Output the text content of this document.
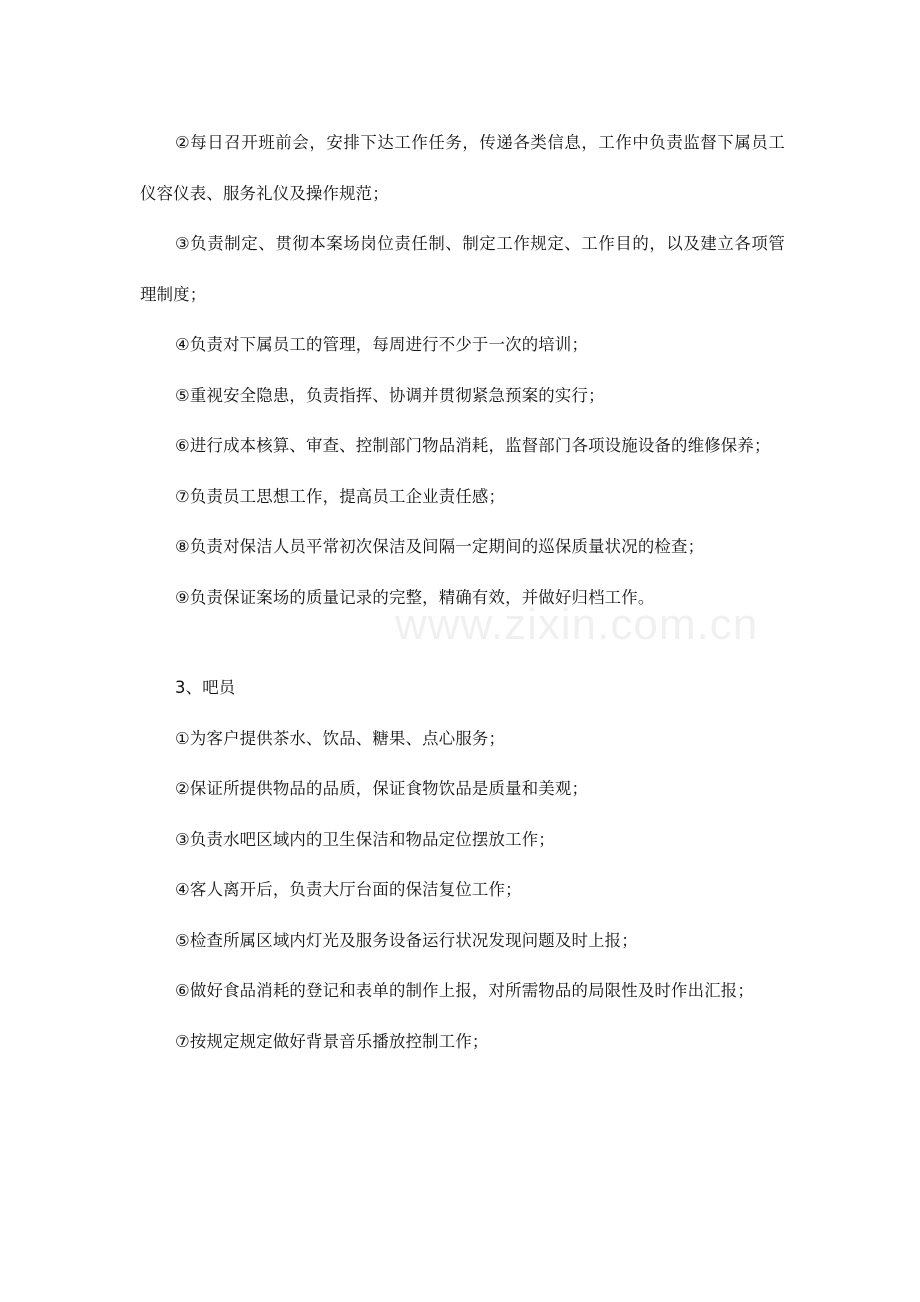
www.zixin.com.cn

②每日召开班前会，安排下达工作任务，传递各类信息，工作中负责监督下属员工仪容仪表、服务礼仪及操作规范；

③负责制定、贯彻本案场岗位责任制、制定工作规定、工作目的，以及建立各项管理制度；

④负责对下属员工的管理，每周进行不少于一次的培训；

⑤重视安全隐患，负责指挥、协调并贯彻紧急预案的实行；

⑥进行成本核算、审查、控制部门物品消耗，监督部门各项设施设备的维修保养；

⑦负责员工思想工作，提高员工企业责任感；

⑧负责对保洁人员平常初次保洁及间隔一定期间的巡保质量状况的检查；

⑨负责保证案场的质量记录的完整，精确有效，并做好归档工作。

3、吧员

①为客户提供茶水、饮品、糖果、点心服务；

②保证所提供物品的品质，保证食物饮品是质量和美观；

③负责水吧区域内的卫生保洁和物品定位摆放工作；

④客人离开后，负责大厅台面的保洁复位工作；

⑤检查所属区域内灯光及服务设备运行状况发现问题及时上报；

⑥做好食品消耗的登记和表单的制作上报，对所需物品的局限性及时作出汇报；

⑦按规定规定做好背景音乐播放控制工作；
